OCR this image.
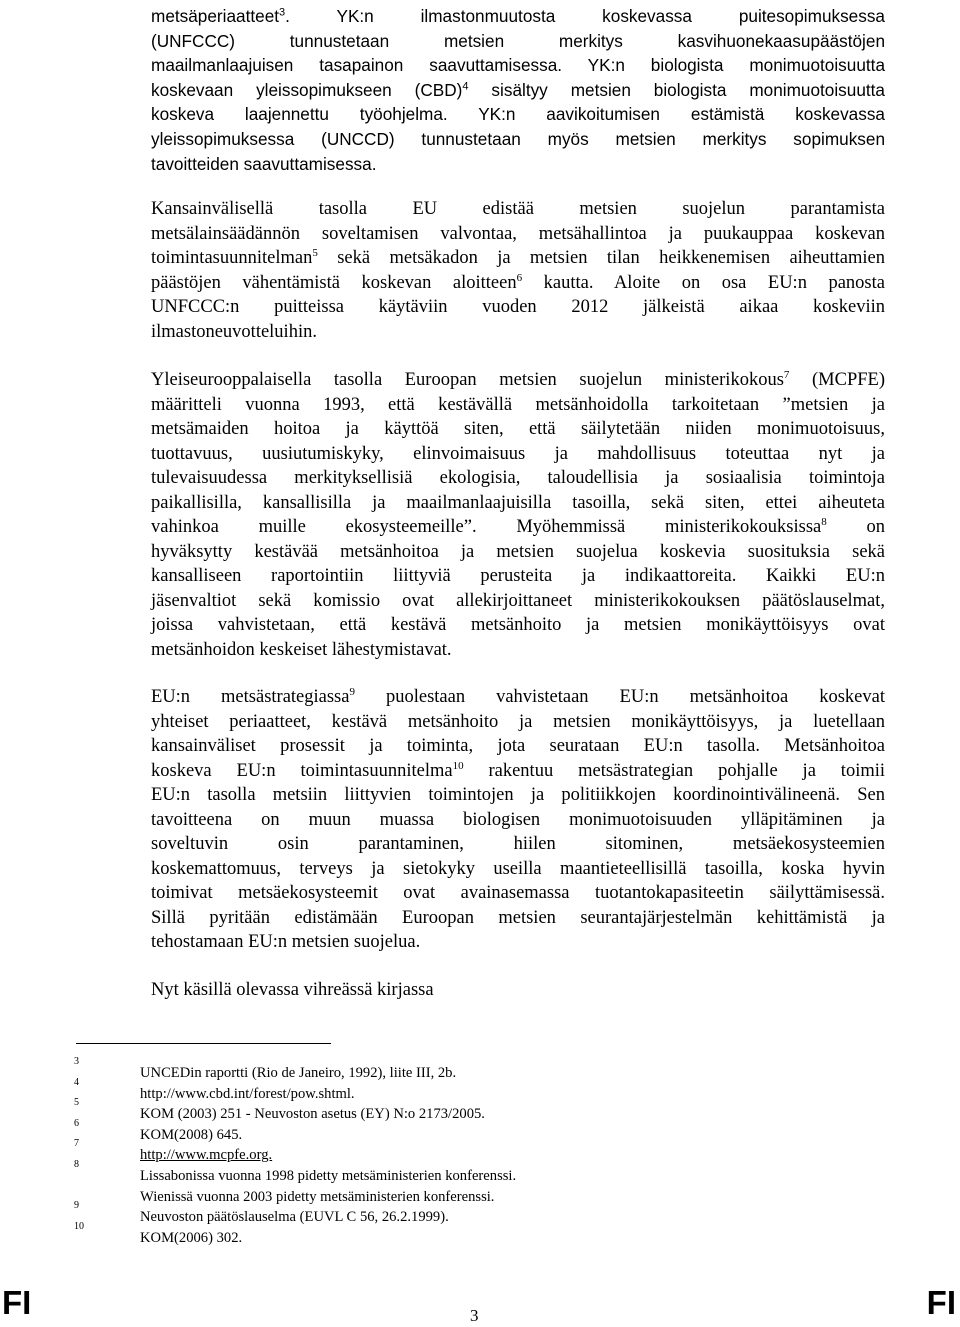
metsäperiaatteet$^3$. YK:n ilmastonmuutosta koskevassa puitesopimuksessa
(UNFCCC) tunnustetaan metsien merkitys kasvihuonekaasupäästöjen
maailmanlaajuisen tasapainon saavuttamisessa. YK:n biologista monimuotoisuutta
koskevaan yleissopimukseen (CBD)$^4$ sisältyy metsien biologista monimuotoisuutta
koskeva laajennettu työohjelma. YK:n aavikoitumisen estämistä koskevassa
yleissopimuksessa (UNCCD) tunnustetaan myös metsien merkitys sopimuksen
tavoitteiden saavuttamisessa.
Kansainvälisellä tasolla EU edistää metsien suojelun parantamista
metsälainsäädännön soveltamisen valvontaa, metsähallintoa ja puukauppaa koskevan
toimintasuunnitelman$^5$ sekä metsäkadon ja metsien tilan heikkenemisen aiheuttamien
päästöjen vähentämistä koskevan aloitteen$^6$ kautta. Aloite on osa EU:n panosta
UNFCCC:n puitteissa käytäviin vuoden 2012 jälkeistä aikaa koskeviin
ilmastoneuvotteluihin.
Yleiseurooppalaisella tasolla Euroopan metsien suojelun ministerikokous$^7$ (MCPFE)
määritteli vuonna 1993, että kestävällä metsänhoidolla tarkoitetaan ”metsien ja
metsämaiden hoitoa ja käyttöä siten, että säilytetään niiden monimuotoisuus,
tuottavuus, uusiutumiskyky, elinvoimaisuus ja mahdollisuus toteuttaa nyt ja
tulevaisuudessa merkityksellisiä ekologisia, taloudellisia ja sosiaalisia toimintoja
paikallisilla, kansallisilla ja maailmanlaajuisilla tasoilla, sekä siten, ettei aiheuteta
vahinkoa muille ekosysteemeille”. Myöhemmissä ministerikokouksissa$^8$ on
hyväksytty kestävää metsänhoitoa ja metsien suojelua koskevia suosituksia sekä
kansalliseen raportointiin liittyviä perusteita ja indikaattoreita. Kaikki EU:n
jäsenvaltiot sekä komissio ovat allekirjoittaneet ministerikokouksen päätöslauselmat,
joissa vahvistetaan, että kestävä metsänhoito ja metsien monikäyttöisyys ovat
metsänhoidon keskeiset lähestymistavat.
EU:n metsästrategiassa$^9$ puolestaan vahvistetaan EU:n metsänhoitoa koskevat
yhteiset periaatteet, kestävä metsänhoito ja metsien monikäyttöisyys, ja luetellaan
kansainväliset prosessit ja toiminta, jota seurataan EU:n tasolla. Metsänhoitoa
koskeva EU:n toimintasuunnitelma$^{10}$ rakentuu metsästrategian pohjalle ja toimii
EU:n tasolla metsiin liittyvien toimintojen ja politiikkojen koordinointivälineenä. Sen
tavoitteena on muun muassa biologisen monimuotoisuuden ylläpitäminen ja
soveltuvin osin parantaminen, hiilen sitominen, metsäekosysteemien
koskemattomuus, terveys ja sietokyky useilla maantieteellisillä tasoilla, koska hyvin
toimivat metsäekosysteemit ovat avainasemassa tuotantokapasiteetin säilyttämisessä.
Sillä pyritään edistämään Euroopan metsien seurantajärjestelmän kehittämistä ja
tehostamaan EU:n metsien suojelua.
Nyt käsillä olevassa vihreässä kirjassa
3
UNCEDin raportti (Rio de Janeiro, 1992), liite III, 2b.
4
http://www.cbd.int/forest/pow.shtml.
5
KOM (2003) 251 - Neuvoston asetus (EY) N:o 2173/2005.
6
KOM(2008) 645.
7
http://www.mcpfe.org.
8
Lissabonissa vuonna 1998 pidetty metsäministerien konferenssi.
Wienissä vuonna 2003 pidetty metsäministerien konferenssi.
9
Neuvoston päätöslauselma (EUVL C 56, 26.2.1999).
10
KOM(2006) 302.
FI	3	FI
